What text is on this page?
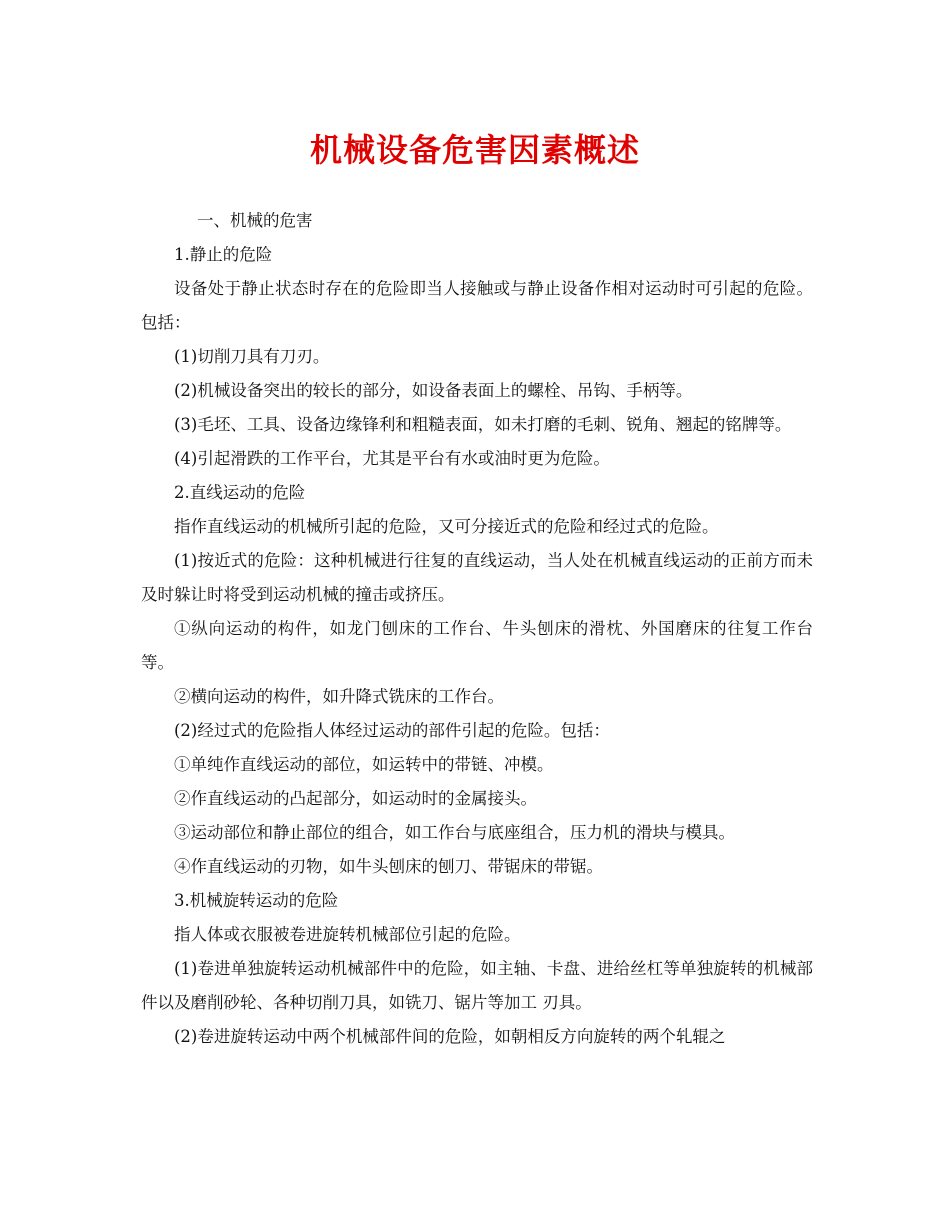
机械设备危害因素概述

一、机械的危害

1.静止的危险

设备处于静止状态时存在的危险即当人接触或与静止设备作相对运动时可引起的危险。包括：

(1)切削刀具有刀刃。

(2)机械设备突出的较长的部分，如设备表面上的螺栓、吊钩、手柄等。

(3)毛坯、工具、设备边缘锋利和粗糙表面，如未打磨的毛刺、锐角、翘起的铭牌等。

(4)引起滑跌的工作平台，尤其是平台有水或油时更为危险。

2.直线运动的危险

指作直线运动的机械所引起的危险，又可分接近式的危险和经过式的危险。

(1)按近式的危险：这种机械进行往复的直线运动，当人处在机械直线运动的正前方而未及时躲让时将受到运动机械的撞击或挤压。

①纵向运动的构件，如龙门刨床的工作台、牛头刨床的滑枕、外国磨床的往复工作台等。

②横向运动的构件，如升降式铣床的工作台。

(2)经过式的危险指人体经过运动的部件引起的危险。包括：

①单纯作直线运动的部位，如运转中的带链、冲模。

②作直线运动的凸起部分，如运动时的金属接头。

③运动部位和静止部位的组合，如工作台与底座组合，压力机的滑块与模具。

④作直线运动的刃物，如牛头刨床的刨刀、带锯床的带锯。

3.机械旋转运动的危险

指人体或衣服被卷进旋转机械部位引起的危险。

(1)卷进单独旋转运动机械部件中的危险，如主轴、卡盘、进给丝杠等单独旋转的机械部件以及磨削砂轮、各种切削刀具，如铣刀、锯片等加工 刃具。

(2)卷进旋转运动中两个机械部件间的危险，如朝相反方向旋转的两个轧辊之
